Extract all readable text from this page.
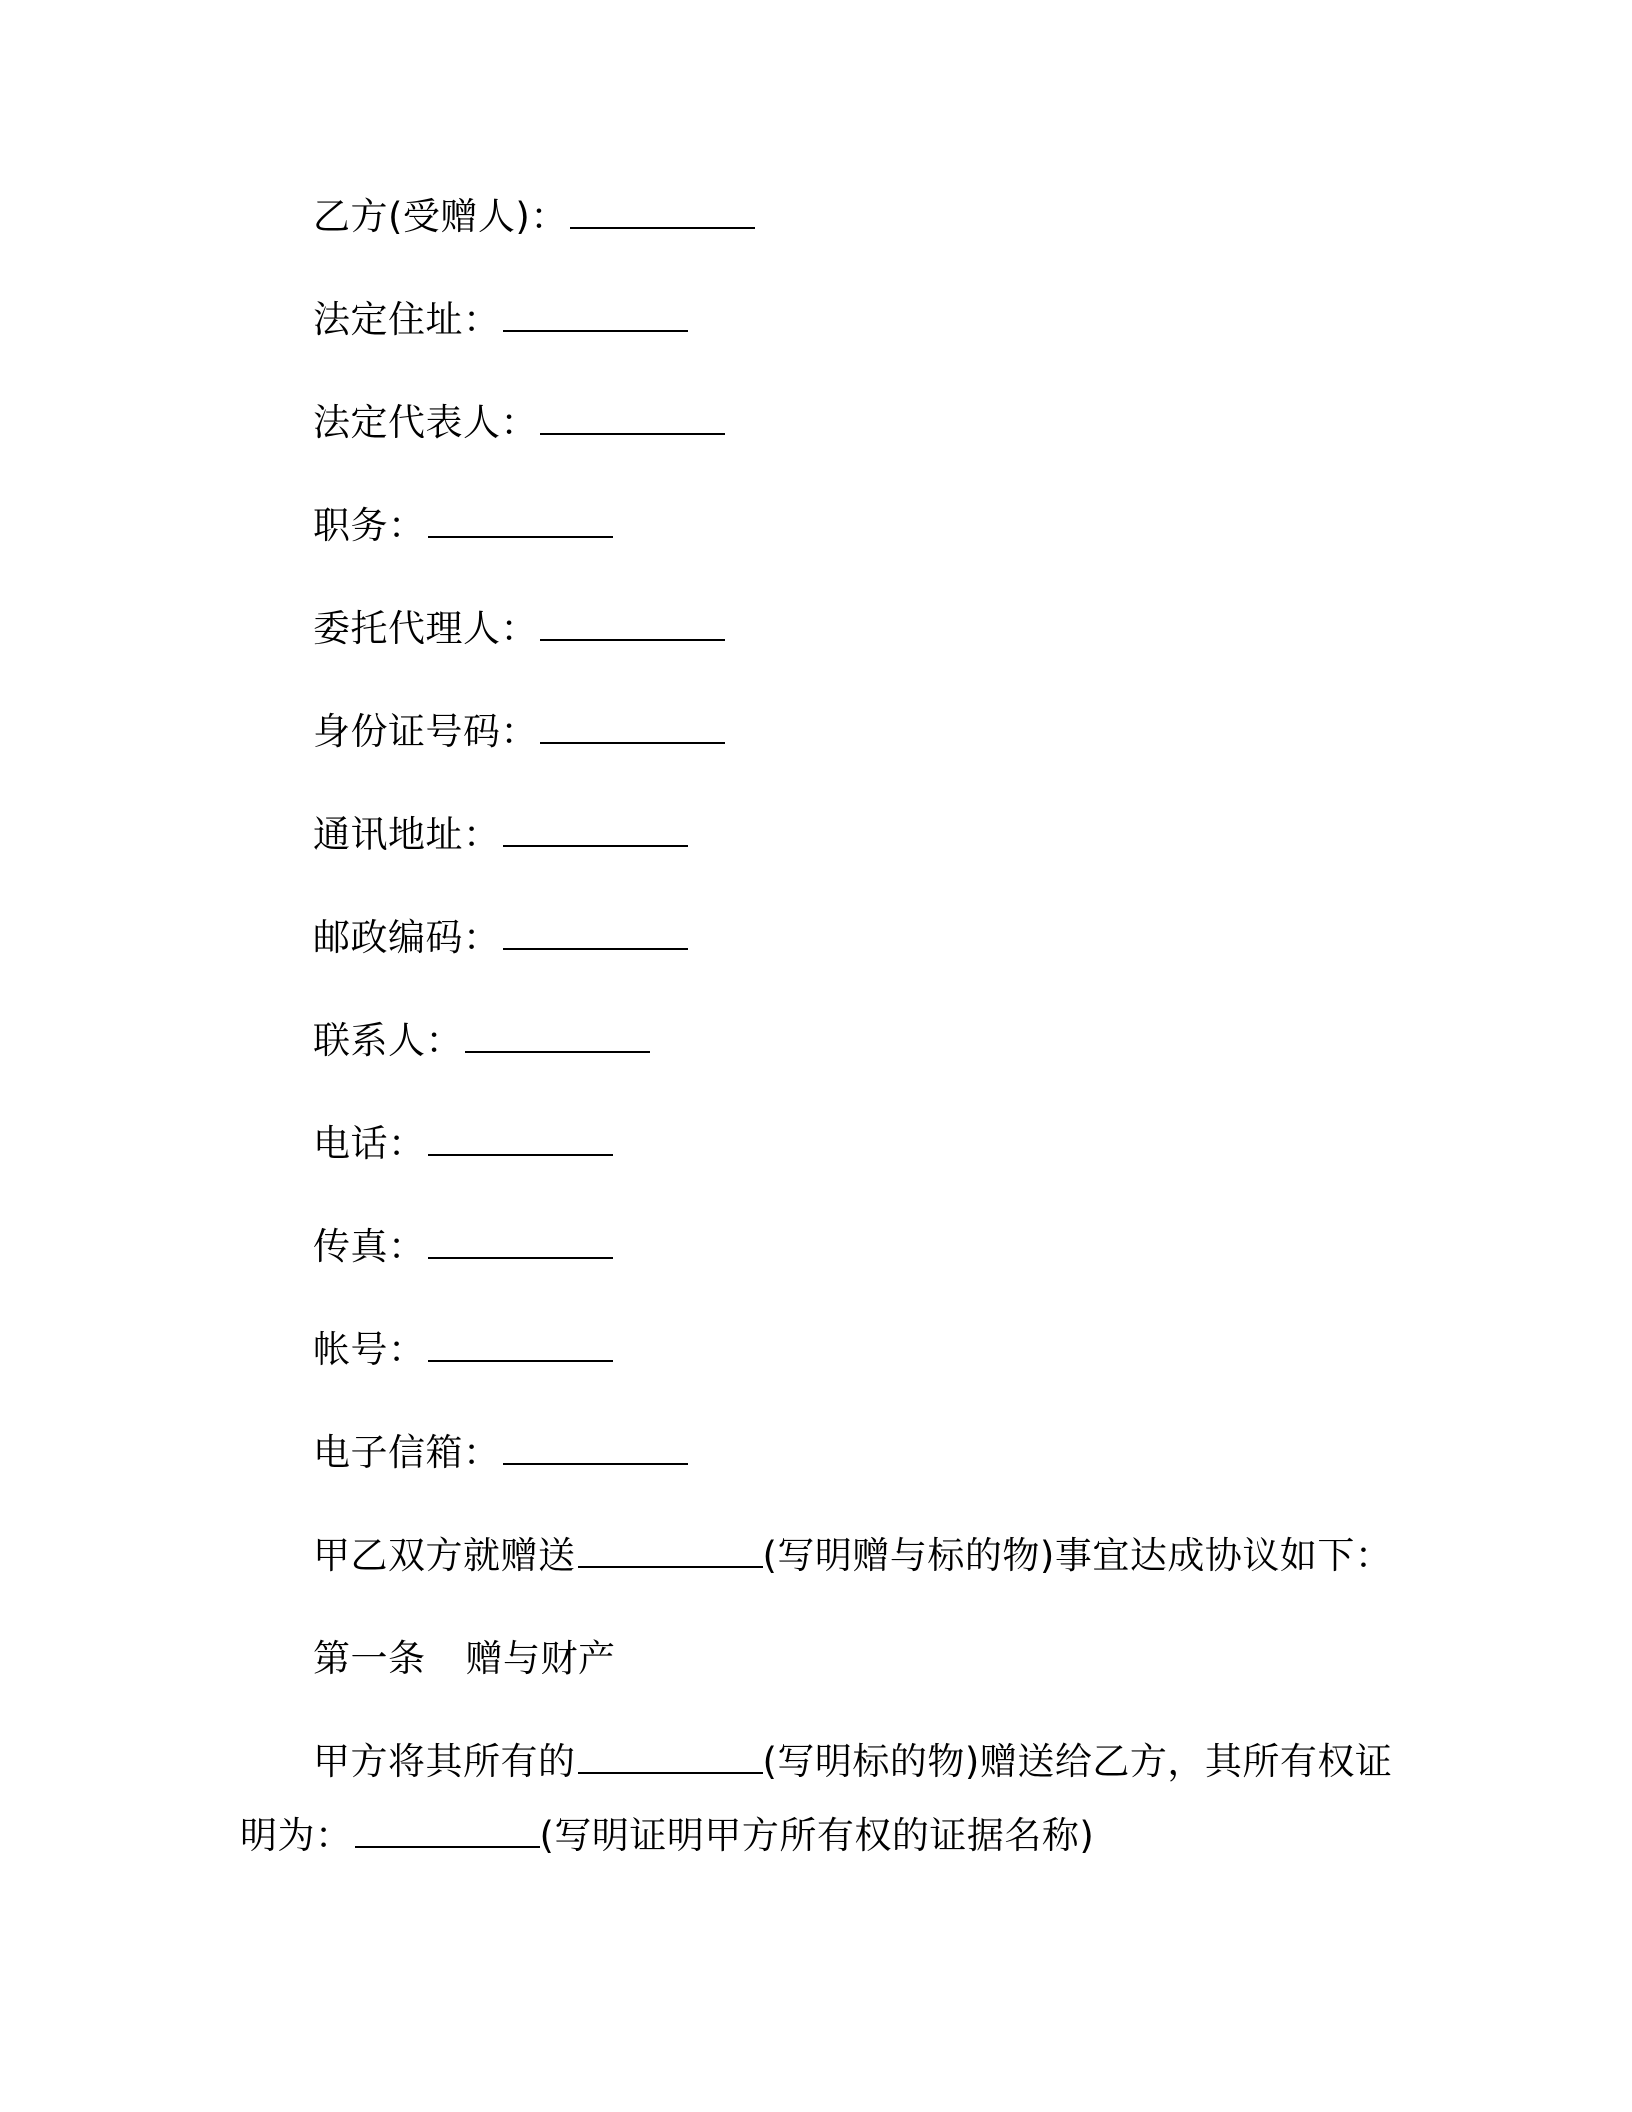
乙方(受赠人)：
法定住址：
法定代表人：
职务：
委托代理人：
身份证号码：
通讯地址：
邮政编码：
联系人：
电话：
传真：
帐号：
电子信箱：
甲乙双方就赠送	(写明赠与标的物)事宜达成协议如下：
第一条 赠与财产
甲方将其所有的	(写明标的物)赠送给乙方，其所有权证
明为：	(写明证明甲方所有权的证据名称)
